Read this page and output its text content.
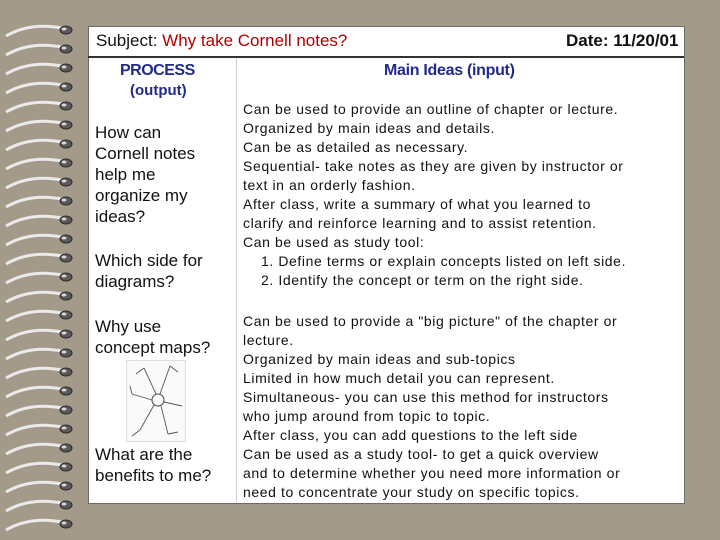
Subject: Why take Cornell notes?	Date: 11/20/01
PROCESS
(output)
Main Ideas (input)
How can
Cornell notes
help me
organize my
ideas?
Which side for
diagrams?
Why use
concept maps?
What are the
benefits to me?
Can be used to provide an outline of chapter or lecture.
Organized by main ideas and details.
Can be as detailed as necessary.
Sequential- take notes as they are given by instructor or
text in an orderly fashion.
After class, write a summary of what you learned to
clarify and reinforce learning and to assist retention.
Can be used as study tool:
1. Define terms or explain concepts listed on left side.
2. Identify the concept or term on the right side.
Can be used to provide a "big picture" of the chapter or
lecture.
Organized by main ideas and sub-topics
Limited in how much detail you can represent.
Simultaneous- you can use this method for instructors
who jump around from topic to topic.
After class, you can add questions to the left side
Can be used as a study tool- to get a quick overview
and to determine whether you need more information or
need to concentrate your study on specific topics.
